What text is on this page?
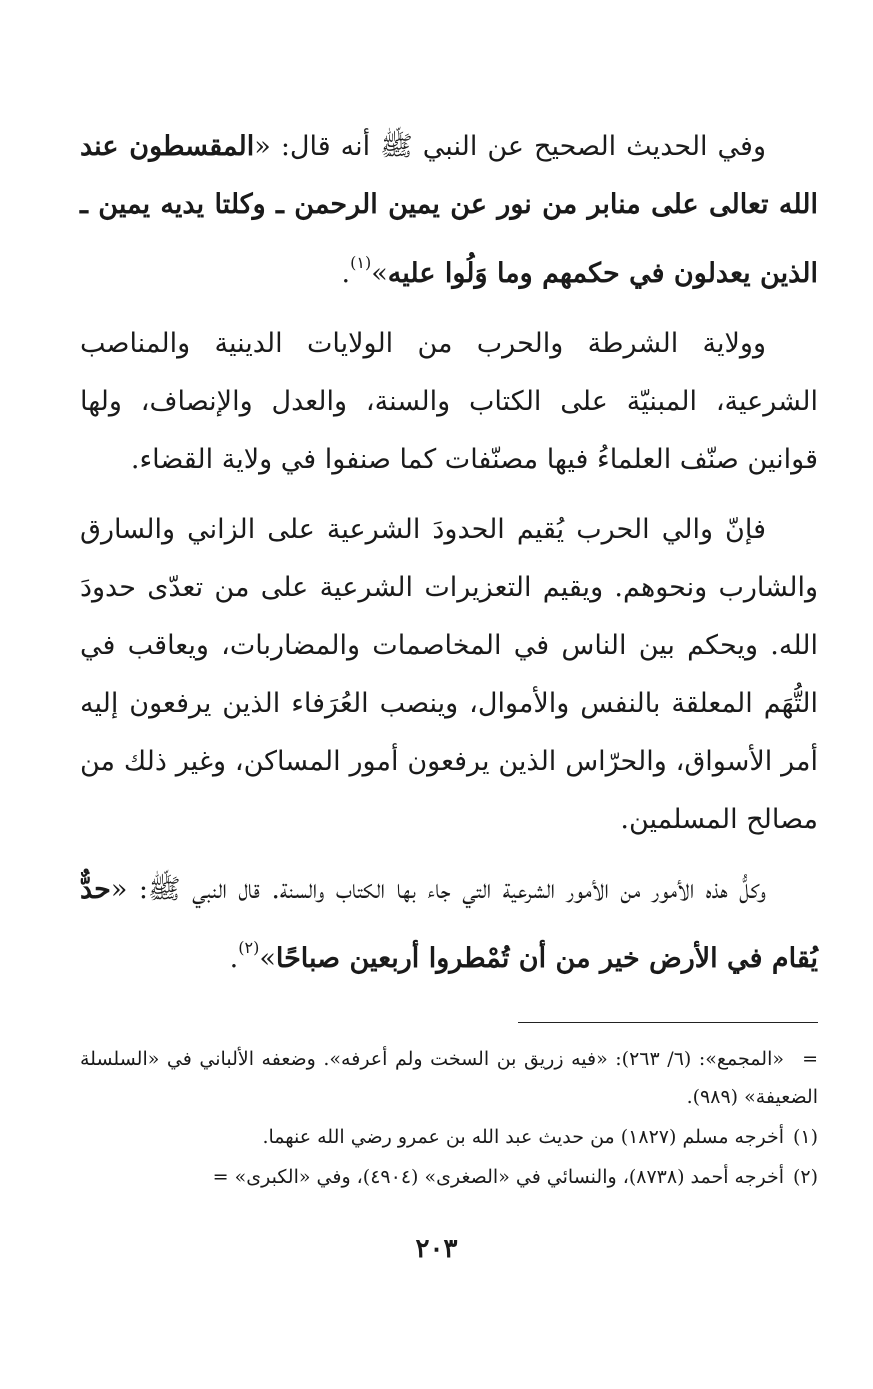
وفي الحديث الصحيح عن النبي ﷺ أنه قال: «المقسطون عند الله تعالى على منابر من نور عن يمين الرحمن ـ وكلتا يديه يمين ـ الذين يعدلون في حكمهم وما وَلُوا عليه»$^{(١)}$.

وولاية الشرطة والحرب من الولايات الدينية والمناصب الشرعية، المبنيّة على الكتاب والسنة، والعدل والإنصاف، ولها قوانين صنّف العلماءُ فيها مصنّفات كما صنفوا في ولاية القضاء.

فإنّ والي الحرب يُقيم الحدودَ الشرعية على الزاني والسارق والشارب ونحوهم. ويقيم التعزيرات الشرعية على من تعدّى حدودَ الله. ويحكم بين الناس في المخاصمات والمضاربات، ويعاقب في التُّهَم المعلقة بالنفس والأموال، وينصب العُرَفاء الذين يرفعون إليه أمر الأسواق، والحرّاس الذين يرفعون أمور المساكن، وغير ذلك من مصالح المسلمين.

وكلُّ هذه الأمور من الأمور الشرعية التي جاء بها الكتاب والسنة. قال النبي ﷺ: «حدٌّ يُقام في الأرض خير من أن تُمْطروا أربعين صباحًا»$^{(٢)}$.

=«المجمع»: (٦/ ٢٦٣): «فيه زريق بن السخت ولم أعرفه». وضعفه الألباني في «السلسلة الضعيفة» (٩٨٩).

(١)أخرجه مسلم (١٨٢٧) من حديث عبد الله بن عمرو رضي الله عنهما.

(٢)أخرجه أحمد (٨٧٣٨)، والنسائي في «الصغرى» (٤٩٠٤)، وفي «الكبرى» =

٢٠٣
